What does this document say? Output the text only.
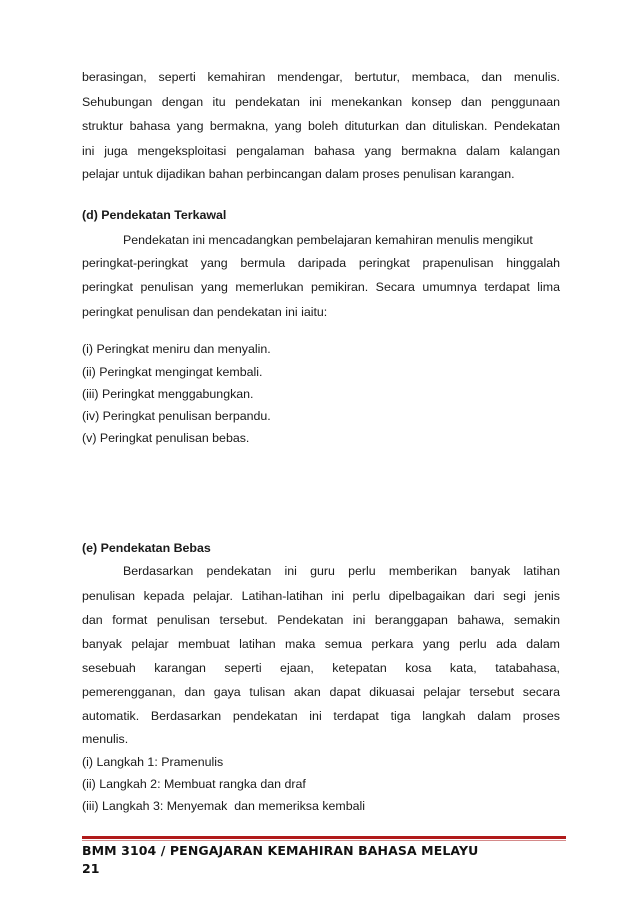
berasingan, seperti kemahiran mendengar, bertutur, membaca, dan menulis.
Sehubungan dengan itu pendekatan ini menekankan konsep dan penggunaan
struktur bahasa yang bermakna, yang boleh dituturkan dan dituliskan. Pendekatan
ini juga mengeksploitasi pengalaman bahasa yang bermakna dalam kalangan
pelajar untuk dijadikan bahan perbincangan dalam proses penulisan karangan.
(d) Pendekatan Terkawal
Pendekatan ini mencadangkan pembelajaran kemahiran menulis mengikut
peringkat-peringkat yang bermula daripada peringkat prapenulisan hinggalah
peringkat penulisan yang memerlukan pemikiran. Secara umumnya terdapat lima
peringkat penulisan dan pendekatan ini iaitu:
(i) Peringkat meniru dan menyalin.
(ii) Peringkat mengingat kembali.
(iii) Peringkat menggabungkan.
(iv) Peringkat penulisan berpandu.
(v) Peringkat penulisan bebas.
(e) Pendekatan Bebas
Berdasarkan pendekatan ini guru perlu memberikan banyak latihan
penulisan kepada pelajar. Latihan-latihan ini perlu dipelbagaikan dari segi jenis
dan format penulisan tersebut. Pendekatan ini beranggapan bahawa, semakin
banyak pelajar membuat latihan maka semua perkara yang perlu ada dalam
sesebuah karangan seperti ejaan, ketepatan kosa kata, tatabahasa,
pemerengganan, dan gaya tulisan akan dapat dikuasai pelajar tersebut secara
automatik. Berdasarkan pendekatan ini terdapat tiga langkah dalam proses
menulis.
(i) Langkah 1: Pramenulis
(ii) Langkah 2: Membuat rangka dan draf
(iii) Langkah 3: Menyemak  dan memeriksa kembali
BMM 3104 / PENGAJARAN KEMAHIRAN BAHASA MELAYU
21
